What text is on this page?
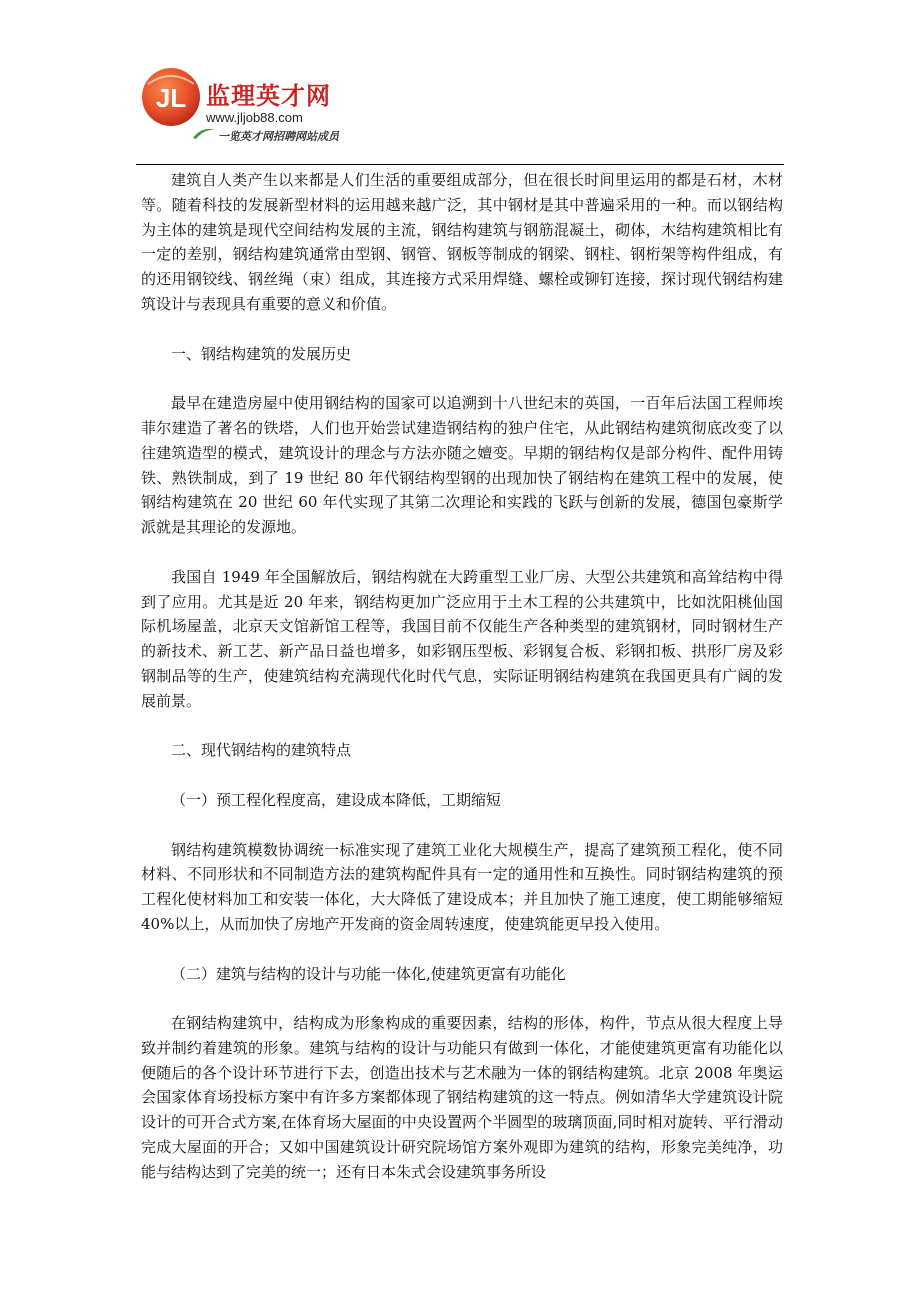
JL 监理英才网
www.jljob88.com
一览英才网招聘网站成员

建筑自人类产生以来都是人们生活的重要组成部分，但在很长时间里运用的都是石材，木材等。随着科技的发展新型材料的运用越来越广泛，其中钢材是其中普遍采用的一种。而以钢结构为主体的建筑是现代空间结构发展的主流，钢结构建筑与钢筋混凝土，砌体，木结构建筑相比有一定的差别，钢结构建筑通常由型钢、钢管、钢板等制成的钢梁、钢柱、钢桁架等构件组成，有的还用钢铰线、钢丝绳（束）组成，其连接方式采用焊缝、螺栓或铆钉连接，探讨现代钢结构建筑设计与表现具有重要的意义和价值。

一、钢结构建筑的发展历史

最早在建造房屋中使用钢结构的国家可以追溯到十八世纪末的英国，一百年后法国工程师埃菲尔建造了著名的铁塔，人们也开始尝试建造钢结构的独户住宅，从此钢结构建筑彻底改变了以往建筑造型的模式，建筑设计的理念与方法亦随之嬗变。早期的钢结构仅是部分构件、配件用铸铁、熟铁制成，到了 19 世纪 80 年代钢结构型钢的出现加快了钢结构在建筑工程中的发展，使钢结构建筑在 20 世纪 60 年代实现了其第二次理论和实践的飞跃与创新的发展，德国包豪斯学派就是其理论的发源地。

我国自 1949 年全国解放后，钢结构就在大跨重型工业厂房、大型公共建筑和高耸结构中得到了应用。尤其是近 20 年来，钢结构更加广泛应用于土木工程的公共建筑中，比如沈阳桃仙国际机场屋盖，北京天文馆新馆工程等，我国目前不仅能生产各种类型的建筑钢材，同时钢材生产的新技术、新工艺、新产品日益也增多，如彩钢压型板、彩钢复合板、彩钢扣板、拱形厂房及彩钢制品等的生产，使建筑结构充满现代化时代气息，实际证明钢结构建筑在我国更具有广阔的发展前景。

二、现代钢结构的建筑特点

（一）预工程化程度高，建设成本降低，工期缩短

钢结构建筑模数协调统一标准实现了建筑工业化大规模生产，提高了建筑预工程化，使不同材料、不同形状和不同制造方法的建筑构配件具有一定的通用性和互换性。同时钢结构建筑的预工程化使材料加工和安装一体化，大大降低了建设成本；并且加快了施工速度，使工期能够缩短 40%以上，从而加快了房地产开发商的资金周转速度，使建筑能更早投入使用。

（二）建筑与结构的设计与功能一体化,使建筑更富有功能化

在钢结构建筑中，结构成为形象构成的重要因素，结构的形体，构件，节点从很大程度上导致并制约着建筑的形象。建筑与结构的设计与功能只有做到一体化，才能使建筑更富有功能化以便随后的各个设计环节进行下去，创造出技术与艺术融为一体的钢结构建筑。北京 2008 年奥运会国家体育场投标方案中有许多方案都体现了钢结构建筑的这一特点。例如清华大学建筑设计院设计的可开合式方案,在体育场大屋面的中央设置两个半圆型的玻璃顶面,同时相对旋转、平行滑动完成大屋面的开合；又如中国建筑设计研究院场馆方案外观即为建筑的结构，形象完美纯净，功能与结构达到了完美的统一；还有日本朱式会设建筑事务所设
